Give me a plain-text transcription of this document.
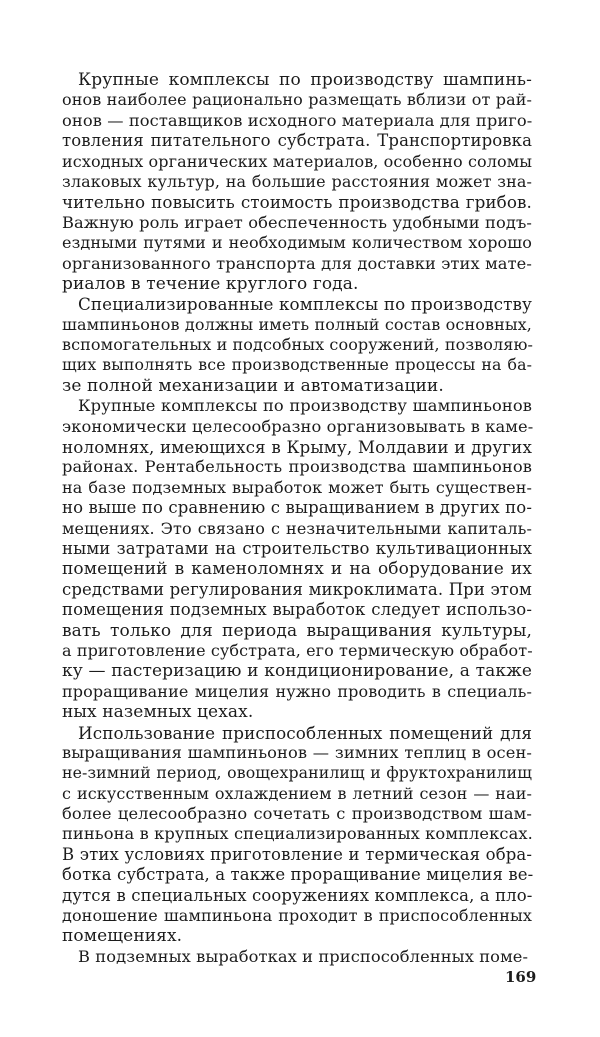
Крупные комплексы по производству шампинь-
онов наиболее рационально размещать вблизи от рай-
онов — поставщиков исходного материала для приго-
товления питательного субстрата. Транспортировка
исходных органических материалов, особенно соломы
злаковых культур, на большие расстояния может зна-
чительно повысить стоимость производства грибов.
Важную роль играет обеспеченность удобными подъ-
ездными путями и необходимым количеством хорошо
организованного транспорта для доставки этих мате-
риалов в течение круглого года.
Специализированные комплексы по производству
шампиньонов должны иметь полный состав основных,
вспомогательных и подсобных сооружений, позволяю-
щих выполнять все производственные процессы на ба-
зе полной механизации и автоматизации.
Крупные комплексы по производству шампиньонов
экономически целесообразно организовывать в каме-
ноломнях, имеющихся в Крыму, Молдавии и других
районах. Рентабельность производства шампиньонов
на базе подземных выработок может быть существен-
но выше по сравнению с выращиванием в других по-
мещениях. Это связано с незначительными капиталь-
ными затратами на строительство культивационных
помещений в каменоломнях и на оборудование их
средствами регулирования микроклимата. При этом
помещения подземных выработок следует использо-
вать только для периода выращивания культуры,
а приготовление субстрата, его термическую обработ-
ку — пастеризацию и кондиционирование, а также
проращивание мицелия нужно проводить в специаль-
ных наземных цехах.
Использование приспособленных помещений для
выращивания шампиньонов — зимних теплиц в осен-
не-зимний период, овощехранилищ и фруктохранилищ
с искусственным охлаждением в летний сезон — наи-
более целесообразно сочетать с производством шам-
пиньона в крупных специализированных комплексах.
В этих условиях приготовление и термическая обра-
ботка субстрата, а также проращивание мицелия ве-
дутся в специальных сооружениях комплекса, а пло-
доношение шампиньона проходит в приспособленных
помещениях.
В подземных выработках и приспособленных поме-
169
